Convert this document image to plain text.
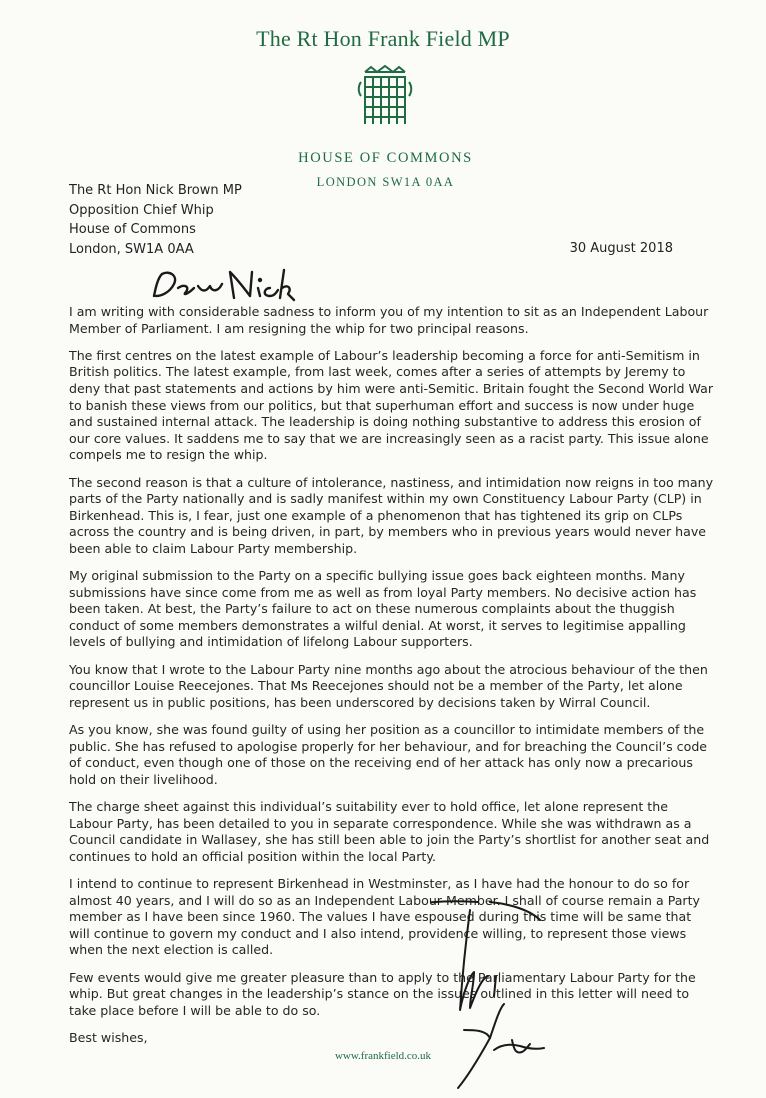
The Rt Hon Frank Field MP
HOUSE OF COMMONS
LONDON SW1A 0AA
The Rt Hon Nick Brown MP
Opposition Chief Whip
House of Commons
London, SW1A 0AA	30 August 2018

I am writing with considerable sadness to inform you of my intention to sit as an Independent Labour Member of Parliament. I am resigning the whip for two principal reasons.

The first centres on the latest example of Labour’s leadership becoming a force for anti-Semitism in British politics. The latest example, from last week, comes after a series of attempts by Jeremy to deny that past statements and actions by him were anti-Semitic. Britain fought the Second World War to banish these views from our politics, but that superhuman effort and success is now under huge and sustained internal attack. The leadership is doing nothing substantive to address this erosion of our core values. It saddens me to say that we are increasingly seen as a racist party. This issue alone compels me to resign the whip.

The second reason is that a culture of intolerance, nastiness, and intimidation now reigns in too many parts of the Party nationally and is sadly manifest within my own Constituency Labour Party (CLP) in Birkenhead. This is, I fear, just one example of a phenomenon that has tightened its grip on CLPs across the country and is being driven, in part, by members who in previous years would never have been able to claim Labour Party membership.

My original submission to the Party on a specific bullying issue goes back eighteen months. Many submissions have since come from me as well as from loyal Party members. No decisive action has been taken. At best, the Party’s failure to act on these numerous complaints about the thuggish conduct of some members demonstrates a wilful denial. At worst, it serves to legitimise appalling levels of bullying and intimidation of lifelong Labour supporters.

You know that I wrote to the Labour Party nine months ago about the atrocious behaviour of the then councillor Louise Reecejones. That Ms Reecejones should not be a member of the Party, let alone represent us in public positions, has been underscored by decisions taken by Wirral Council.

As you know, she was found guilty of using her position as a councillor to intimidate members of the public. She has refused to apologise properly for her behaviour, and for breaching the Council’s code of conduct, even though one of those on the receiving end of her attack has only now a precarious hold on their livelihood.

The charge sheet against this individual’s suitability ever to hold office, let alone represent the Labour Party, has been detailed to you in separate correspondence. While she was withdrawn as a Council candidate in Wallasey, she has still been able to join the Party’s shortlist for another seat and continues to hold an official position within the local Party.

I intend to continue to represent Birkenhead in Westminster, as I have had the honour to do so for almost 40 years, and I will do so as an Independent Labour Member. I shall of course remain a Party member as I have been since 1960. The values I have espoused during this time will be same that will continue to govern my conduct and I also intend, providence willing, to represent those views when the next election is called.

Few events would give me greater pleasure than to apply to the Parliamentary Labour Party for the whip. But great changes in the leadership’s stance on the issues outlined in this letter will need to take place before I will be able to do so.

Best wishes,

www.frankfield.co.uk
